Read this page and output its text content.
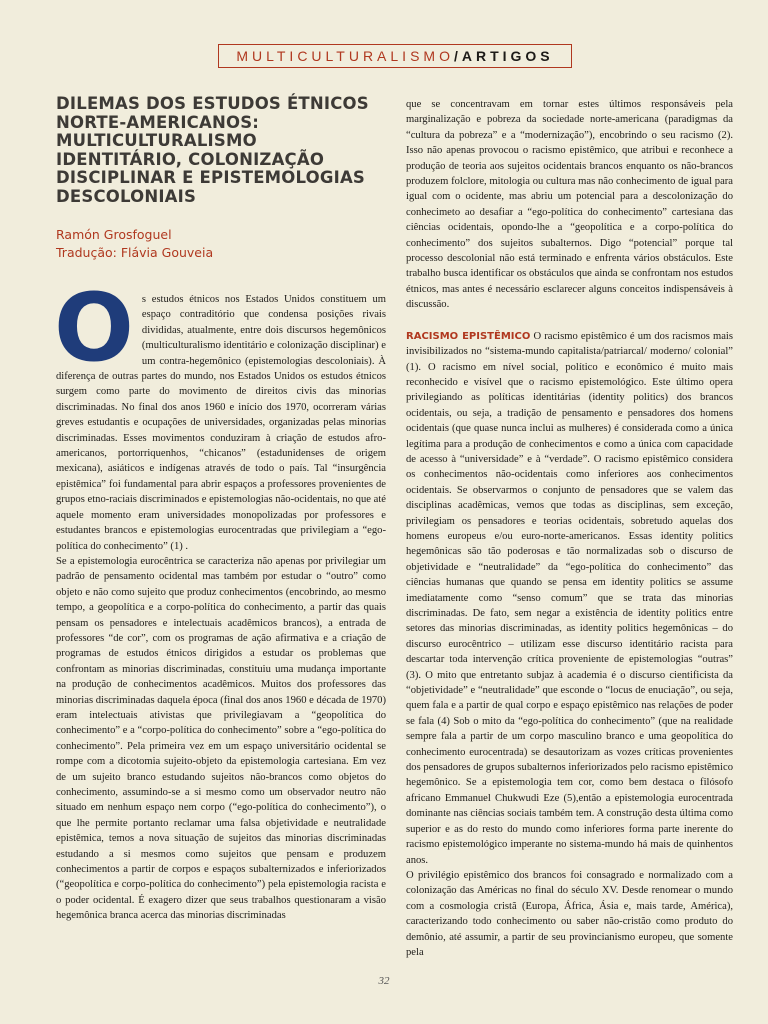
MULTICULTURALISMO / ARTIGOS
DILEMAS DOS ESTUDOS ÉTNICOS NORTE-AMERICANOS: MULTICULTURALISMO IDENTITÁRIO, COLONIZAÇÃO DISCIPLINAR E EPISTEMOLOGIAS DESCOLONIAIS
Ramón Grosfoguel
Tradução: Flávia Gouveia

Os estudos étnicos nos Estados Unidos constituem um espaço contraditório que condensa posições rivais divididas, atualmente, entre dois discursos hegemônicos (multiculturalismo identitário e colonização disciplinar) e um contra-hegemônico (epistemologias descoloniais). À diferença de outras partes do mundo, nos Estados Unidos os estudos étnicos surgem como parte do movimento de direitos civis das minorias discriminadas. No final dos anos 1960 e início dos 1970, ocorreram várias greves estudantis e ocupações de universidades, organizadas pelas minorias discriminadas. Esses movimentos conduziram à criação de estudos afro-americanos, portorriquenhos, “chicanos” (estadunidenses de origem mexicana), asiáticos e indígenas através de todo o país. Tal “insurgência epistêmica” foi fundamental para abrir espaços a professores provenientes de grupos etno-raciais discriminados e epistemologias não-ocidentais, no que até aquele momento eram universidades monopolizadas por professores e estudantes brancos e epistemologias eurocentradas que privilegiam a “ego-política do conhecimento” (1) .

Se a epistemologia eurocêntrica se caracteriza não apenas por privilegiar um padrão de pensamento ocidental mas também por estudar o “outro” como objeto e não como sujeito que produz conhecimentos (encobrindo, ao mesmo tempo, a geopolítica e a corpo-política do conhecimento, a partir das quais pensam os pensadores e intelectuais acadêmicos brancos), a entrada de professores “de cor”, com os programas de ação afirmativa e a criação de programas de estudos étnicos dirigidos a estudar os problemas que confrontam as minorias discriminadas, constituiu uma mudança importante na produção de conhecimentos acadêmicos. Muitos dos professores das minorias discriminadas daquela época (final dos anos 1960 e década de 1970) eram intelectuais ativistas que privilegiavam a “geopolítica do conhecimento” e a “corpo-política do conhecimento” sobre a “ego-política do conhecimento”. Pela primeira vez em um espaço universitário ocidental se rompe com a dicotomia sujeito-objeto da epistemologia cartesiana. Em vez de um sujeito branco estudando sujeitos não-brancos como objetos do conhecimento, assumindo-se a si mesmo como um observador neutro não situado em nenhum espaço nem corpo (“ego-política do conhecimento”), o que lhe permite portanto reclamar uma falsa objetividade e neutralidade epistêmica, temos a nova situação de sujeitos das minorias discriminadas estudando a si mesmos como sujeitos que pensam e produzem conhecimentos a partir de corpos e espaços subalternizados e inferiorizados (“geopolítica e corpo-política do conhecimento”) pela epistemologia racista e o poder ocidental. É exagero dizer que seus trabalhos questionaram a visão hegemônica branca acerca das minorias discriminadas

que se concentravam em tornar estes últimos responsáveis pela marginalização e pobreza da sociedade norte-americana (paradigmas da “cultura da pobreza” e a “modernização”), encobrindo o seu racismo (2). Isso não apenas provocou o racismo epistêmico, que atribui e reconhece a produção de teoria aos sujeitos ocidentais brancos enquanto os não-brancos produzem folclore, mitologia ou cultura mas não conhecimento de igual para igual com o ocidente, mas abriu um potencial para a descolonização do conhecimeto ao desafiar a “ego-política do conhecimento” cartesiana das ciências ocidentais, opondo-lhe a “geopolítica e a corpo-política do conhecimento” dos sujeitos subalternos. Digo “potencial” porque tal processo descolonial não está terminado e enfrenta vários obstáculos. Este trabalho busca identificar os obstáculos que ainda se confrontam nos estudos étnicos, mas antes é necessário esclarecer alguns conceitos indispensáveis à discussão.

RACISMO EPISTÊMICO O racismo epistêmico é um dos racismos mais invisibilizados no “sistema-mundo capitalista/patriarcal/ moderno/ colonial” (1). O racismo em nível social, político e econômico é muito mais reconhecido e visível que o racismo epistemológico. Este último opera privilegiando as políticas identitárias (identity politics) dos brancos ocidentais, ou seja, a tradição de pensamento e pensadores dos homens ocidentais (que quase nunca inclui as mulheres) é considerada como a única legítima para a produção de conhecimentos e como a única com capacidade de acesso à “universidade” e à “verdade”. O racismo epistêmico considera os conhecimentos não-ocidentais como inferiores aos conhecimentos ocidentais. Se observarmos o conjunto de pensadores que se valem das disciplinas acadêmicas, vemos que todas as disciplinas, sem exceção, privilegiam os pensadores e teorias ocidentais, sobretudo aquelas dos homens europeus e/ou euro-norte-americanos. Essas identity politics hegemônicas são tão poderosas e tão normalizadas sob o discurso de objetividade e “neutralidade” da “ego-política do conhecimento” das ciências humanas que quando se pensa em identity politics se assume imediatamente como “senso comum” que se trata das minorias discriminadas. De fato, sem negar a existência de identity politics entre setores das minorias discriminadas, as identity politics hegemônicas – do discurso eurocêntrico – utilizam esse discurso identitário racista para descartar toda intervenção crítica proveniente de epistemologias “outras” (3). O mito que entretanto subjaz à academia é o discurso cientificista da “objetividade” e “neutralidade” que esconde o “locus de enuciação”, ou seja, quem fala e a partir de qual corpo e espaço epistêmico nas relações de poder se fala (4) Sob o mito da “ego-política do conhecimento” (que na realidade sempre fala a partir de um corpo masculino branco e uma geopolítica do conhecimento eurocentrada) se desautorizam as vozes críticas provenientes dos pensadores de grupos subalternos inferiorizados pelo racismo epistêmico hegemônico. Se a epistemologia tem cor, como bem destaca o filósofo africano Emmanuel Chukwudi Eze (5),então a epistemologia eurocentrada dominante nas ciências sociais também tem. A construção desta última como superior e as do resto do mundo como inferiores forma parte inerente do racismo epistemológico imperante no sistema-mundo há mais de quinhentos anos.

O privilégio epistêmico dos brancos foi consagrado e normalizado com a colonização das Américas no final do século XV. Desde renomear o mundo com a cosmologia cristã (Europa, África, Ásia e, mais tarde, América), caracterizando todo conhecimento ou saber não-cristão como produto do demônio, até assumir, a partir de seu provincianismo europeu, que somente pela

32
